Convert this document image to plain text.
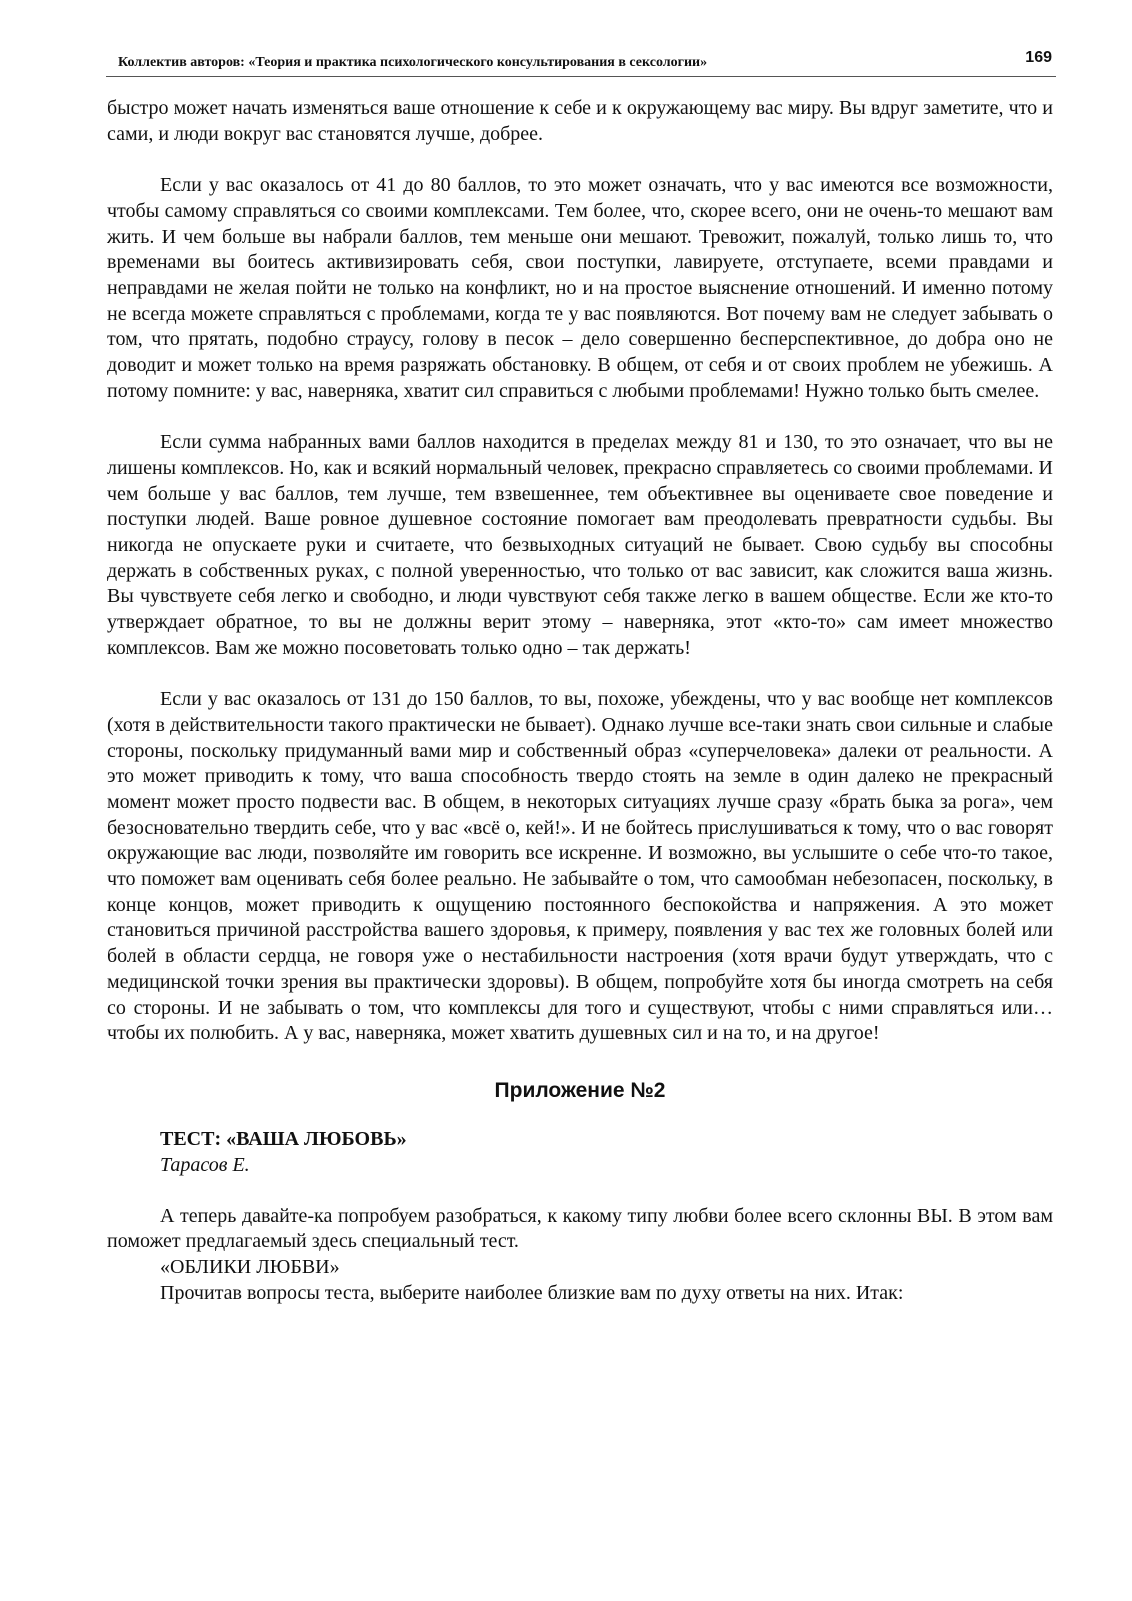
Коллектив авторов: «Теория и практика психологического консультирования в сексологии»	169

быстро может начать изменяться ваше отношение к себе и к окружающему вас миру. Вы вдруг заметите, что и сами, и люди вокруг вас становятся лучше, добрее.

Если у вас оказалось от 41 до 80 баллов, то это может означать, что у вас имеются все возможности, чтобы самому справляться со своими комплексами. Тем более, что, скорее всего, они не очень-то мешают вам жить. И чем больше вы набрали баллов, тем меньше они мешают. Тревожит, пожалуй, только лишь то, что временами вы боитесь активизировать себя, свои поступки, лавируете, отступаете, всеми правдами и неправдами не желая пойти не только на конфликт, но и на простое выяснение отношений. И именно потому не всегда можете справляться с проблемами, когда те у вас появляются. Вот почему вам не следует забывать о том, что прятать, подобно страусу, голову в песок – дело совершенно бесперспективное, до добра оно не доводит и может только на время разряжать обстановку. В общем, от себя и от своих проблем не убежишь. А потому помните: у вас, наверняка, хватит сил справиться с любыми проблемами! Нужно только быть смелее.

Если сумма набранных вами баллов находится в пределах между 81 и 130, то это означает, что вы не лишены комплексов. Но, как и всякий нормальный человек, прекрасно справляетесь со своими проблемами. И чем больше у вас баллов, тем лучше, тем взвешеннее, тем объективнее вы оцениваете свое поведение и поступки людей. Ваше ровное душевное состояние помогает вам преодолевать превратности судьбы. Вы никогда не опускаете руки и считаете, что безвыходных ситуаций не бывает. Свою судьбу вы способны держать в собственных руках, с полной уверенностью, что только от вас зависит, как сложится ваша жизнь. Вы чувствуете себя легко и свободно, и люди чувствуют себя также легко в вашем обществе. Если же кто-то утверждает обратное, то вы не должны верит этому – наверняка, этот «кто-то» сам имеет множество комплексов. Вам же можно посоветовать только одно – так держать!

Если у вас оказалось от 131 до 150 баллов, то вы, похоже, убеждены, что у вас вообще нет комплексов (хотя в действительности такого практически не бывает). Однако лучше все-таки знать свои сильные и слабые стороны, поскольку придуманный вами мир и собственный образ «суперчеловека» далеки от реальности. А это может приводить к тому, что ваша способность твердо стоять на земле в один далеко не прекрасный момент может просто подвести вас. В общем, в некоторых ситуациях лучше сразу «брать быка за рога», чем безосновательно твердить себе, что у вас «всё о, кей!». И не бойтесь прислушиваться к тому, что о вас говорят окружающие вас люди, позволяйте им говорить все искренне. И возможно, вы услышите о себе что-то такое, что поможет вам оценивать себя более реально. Не забывайте о том, что самообман небезопасен, поскольку, в конце концов, может приводить к ощущению постоянного беспокойства и напряжения. А это может становиться причиной расстройства вашего здоровья, к примеру, появления у вас тех же головных болей или болей в области сердца, не говоря уже о нестабильности настроения (хотя врачи будут утверждать, что с медицинской точки зрения вы практически здоровы). В общем, попробуйте хотя бы иногда смотреть на себя со стороны. И не забывать о том, что комплексы для того и существуют, чтобы с ними справляться или… чтобы их полюбить. А у вас, наверняка, может хватить душевных сил и на то, и на другое!

Приложение №2
ТЕСТ: «ВАША ЛЮБОВЬ»
Тарасов Е.

А теперь давайте-ка попробуем разобраться, к какому типу любви более всего склонны ВЫ. В этом вам поможет предлагаемый здесь специальный тест.

«ОБЛИКИ ЛЮБВИ»
Прочитав вопросы теста, выберите наиболее близкие вам по духу ответы на них. Итак:
